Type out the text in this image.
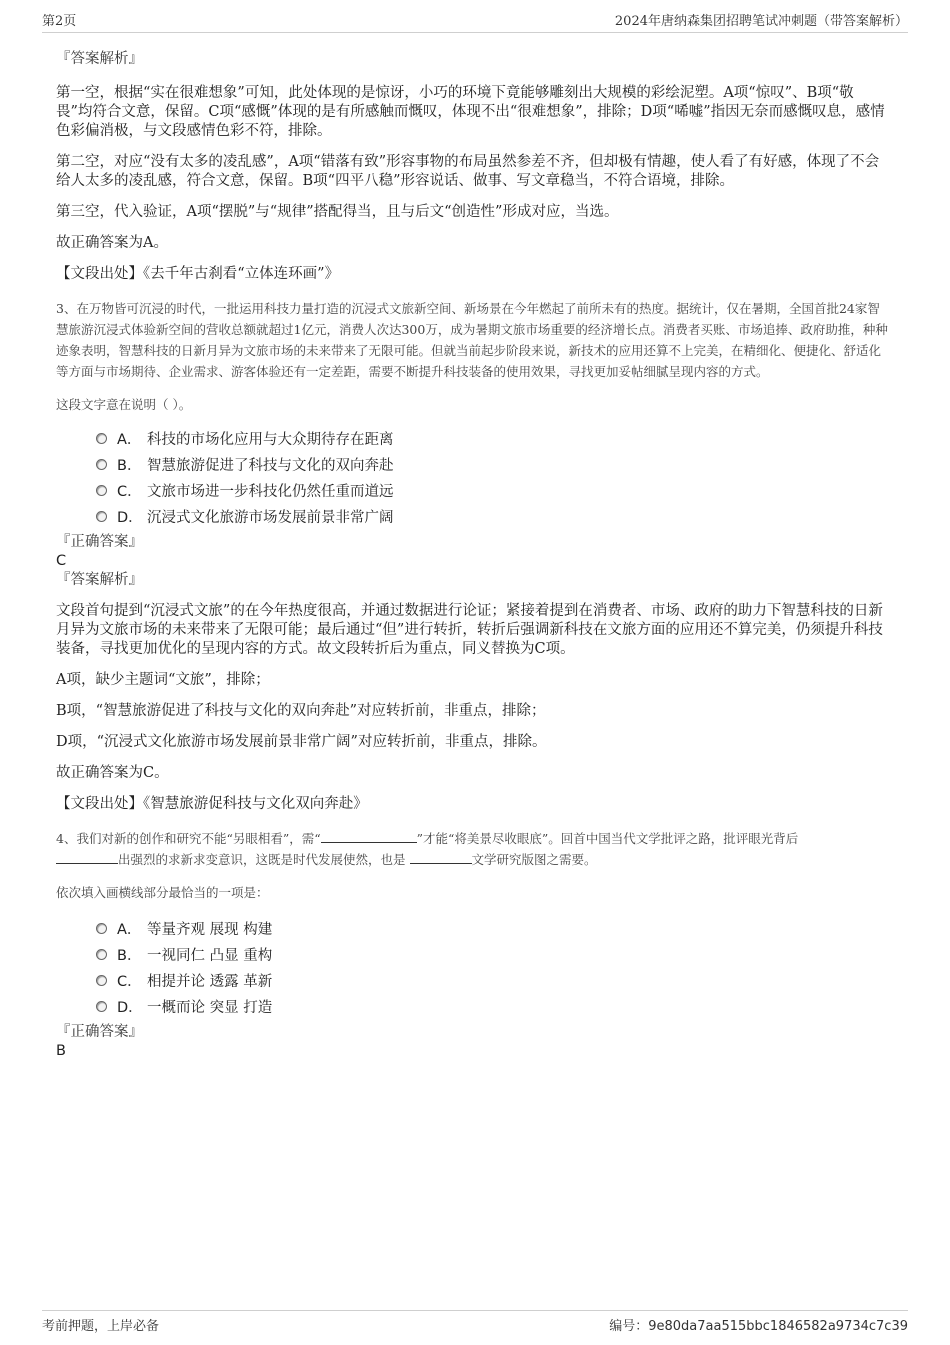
第2页	2024年唐纳森集团招聘笔试冲刺题（带答案解析）
『答案解析』

第一空，根据“实在很难想象”可知，此处体现的是惊讶，小巧的环境下竟能够雕刻出大规模的彩绘泥塑。A项“惊叹”、B项“敬畏”均符合文意，保留。C项“感慨”体现的是有所感触而慨叹，体现不出“很难想象”，排除；D项“唏嘘”指因无奈而感慨叹息，感情色彩偏消极，与文段感情色彩不符，排除。

第二空，对应“没有太多的凌乱感”，A项“错落有致”形容事物的布局虽然参差不齐，但却极有情趣，使人看了有好感，体现了不会给人太多的凌乱感，符合文意，保留。B项“四平八稳”形容说话、做事、写文章稳当，不符合语境，排除。

第三空，代入验证，A项“摆脱”与“规律”搭配得当，且与后文“创造性”形成对应，当选。

故正确答案为A。

【文段出处】《去千年古刹看“立体连环画”》

3、在万物皆可沉浸的时代，一批运用科技力量打造的沉浸式文旅新空间、新场景在今年燃起了前所未有的热度。据统计，仅在暑期，全国首批24家智慧旅游沉浸式体验新空间的营收总额就超过1亿元，消费人次达300万，成为暑期文旅市场重要的经济增长点。消费者买账、市场追捧、政府助推，种种迹象表明，智慧科技的日新月异为文旅市场的未来带来了无限可能。但就当前起步阶段来说，新技术的应用还算不上完美，在精细化、便捷化、舒适化等方面与市场期待、企业需求、游客体验还有一定差距，需要不断提升科技装备的使用效果，寻找更加妥帖细腻呈现内容的方式。

这段文字意在说明（ ）。

A． 科技的市场化应用与大众期待存在距离
B． 智慧旅游促进了科技与文化的双向奔赴
C． 文旅市场进一步科技化仍然任重而道远
D． 沉浸式文化旅游市场发展前景非常广阔
『正确答案』
C
『答案解析』

文段首句提到“沉浸式文旅”的在今年热度很高，并通过数据进行论证；紧接着提到在消费者、市场、政府的助力下智慧科技的日新月异为文旅市场的未来带来了无限可能；最后通过“但”进行转折，转折后强调新科技在文旅方面的应用还不算完美，仍须提升科技装备，寻找更加优化的呈现内容的方式。故文段转折后为重点，同义替换为C项。

A项，缺少主题词“文旅”，排除；

B项，“智慧旅游促进了科技与文化的双向奔赴”对应转折前，非重点，排除；

D项，“沉浸式文化旅游市场发展前景非常广阔”对应转折前，非重点，排除。

故正确答案为C。

【文段出处】《智慧旅游促科技与文化双向奔赴》

4、我们对新的创作和研究不能“另眼相看”，需“	”才能“将美景尽收眼底”。回首中国当代文学批评之路，批评眼光背后
出强烈的求新求变意识，这既是时代发展使然，也是	文学研究版图之需要。

依次填入画横线部分最恰当的一项是：

A． 等量齐观 展现 构建
B． 一视同仁 凸显 重构
C． 相提并论 透露 革新
D． 一概而论 突显 打造
『正确答案』
B
考前押题，上岸必备	编号：9e80da7aa515bbc1846582a9734c7c39
